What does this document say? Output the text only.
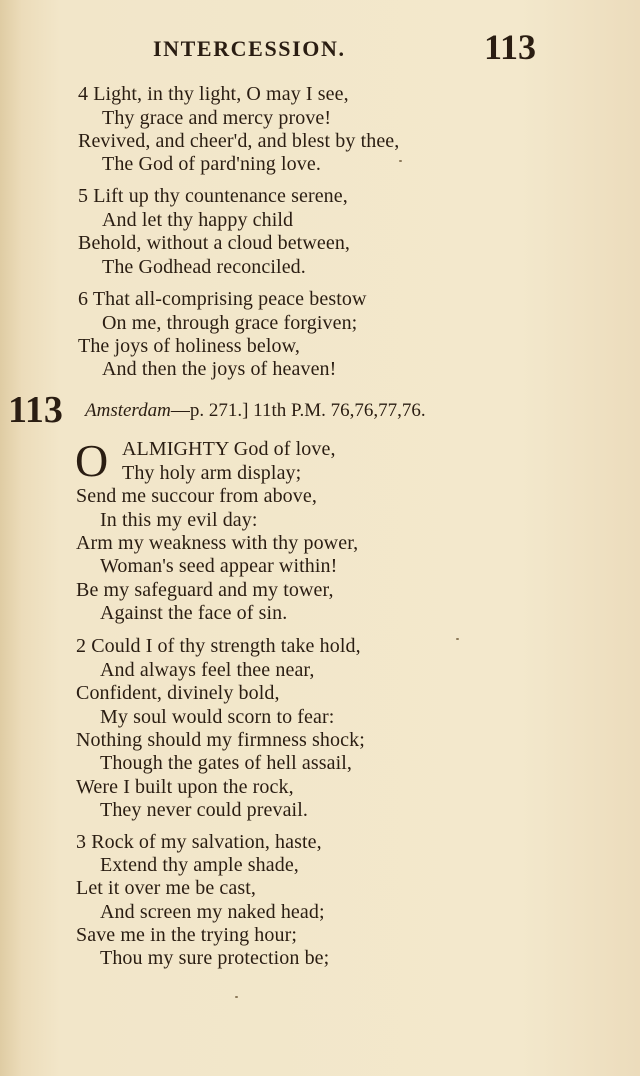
INTERCESSION.	113
4 Light, in thy light, O may I see,
Thy grace and mercy prove!
Revived, and cheer'd, and blest by thee,
The God of pard'ning love.
5 Lift up thy countenance serene,
And let thy happy child
Behold, without a cloud between,
The Godhead reconciled.
6 That all-comprising peace bestow
On me, through grace forgiven;
The joys of holiness below,
And then the joys of heaven!
113 Amsterdam—p. 271.] 11th P.M. 76,76,77,76.
O ALMIGHTY God of love,
Thy holy arm display;
Send me succour from above,
In this my evil day:
Arm my weakness with thy power,
Woman's seed appear within!
Be my safeguard and my tower,
Against the face of sin.
2 Could I of thy strength take hold,
And always feel thee near,
Confident, divinely bold,
My soul would scorn to fear:
Nothing should my firmness shock;
Though the gates of hell assail,
Were I built upon the rock,
They never could prevail.
3 Rock of my salvation, haste,
Extend thy ample shade,
Let it over me be cast,
And screen my naked head;
Save me in the trying hour;
Thou my sure protection be;
